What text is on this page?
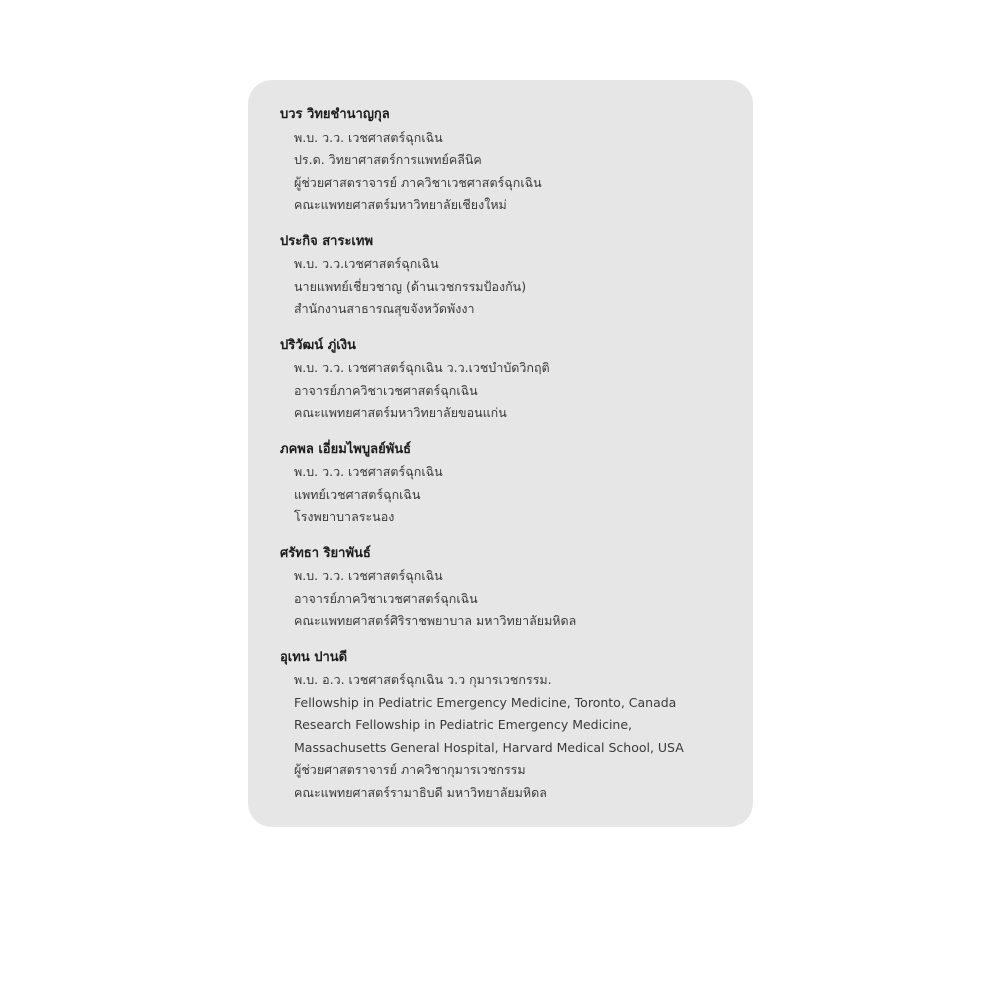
บวร วิทยชำนาญกุล
พ.บ. ว.ว. เวชศาสตร์ฉุกเฉิน
ปร.ด. วิทยาศาสตร์การแพทย์คลีนิค
ผู้ช่วยศาสตราจารย์ ภาควิชาเวชศาสตร์ฉุกเฉิน
คณะแพทยศาสตร์มหาวิทยาลัยเชียงใหม่
ประกิจ สาระเทพ
พ.บ. ว.ว.เวชศาสตร์ฉุกเฉิน
นายแพทย์เชี่ยวชาญ (ด้านเวชกรรมป้องกัน)
สำนักงานสาธารณสุขจังหวัดพังงา
ปริวัฒน์ ภู่เงิน
พ.บ. ว.ว. เวชศาสตร์ฉุกเฉิน ว.ว.เวชบำบัดวิกฤติ
อาจารย์ภาควิชาเวชศาสตร์ฉุกเฉิน
คณะแพทยศาสตร์มหาวิทยาลัยขอนแก่น
ภคพล เอี่ยมไพบูลย์พันธ์
พ.บ. ว.ว. เวชศาสตร์ฉุกเฉิน
แพทย์เวชศาสตร์ฉุกเฉิน
โรงพยาบาลระนอง
ศรัทธา ริยาพันธ์
พ.บ. ว.ว. เวชศาสตร์ฉุกเฉิน
อาจารย์ภาควิชาเวชศาสตร์ฉุกเฉิน
คณะแพทยศาสตร์ศิริราชพยาบาล มหาวิทยาลัยมหิดล
อุเทน ปานดี
พ.บ. อ.ว. เวชศาสตร์ฉุกเฉิน ว.ว กุมารเวชกรรม.
Fellowship in Pediatric Emergency Medicine, Toronto, Canada
Research Fellowship in Pediatric Emergency Medicine,
Massachusetts General Hospital, Harvard Medical School, USA
ผู้ช่วยศาสตราจารย์ ภาควิชากุมารเวชกรรม
คณะแพทยศาสตร์รามาธิบดี มหาวิทยาลัยมหิดล
